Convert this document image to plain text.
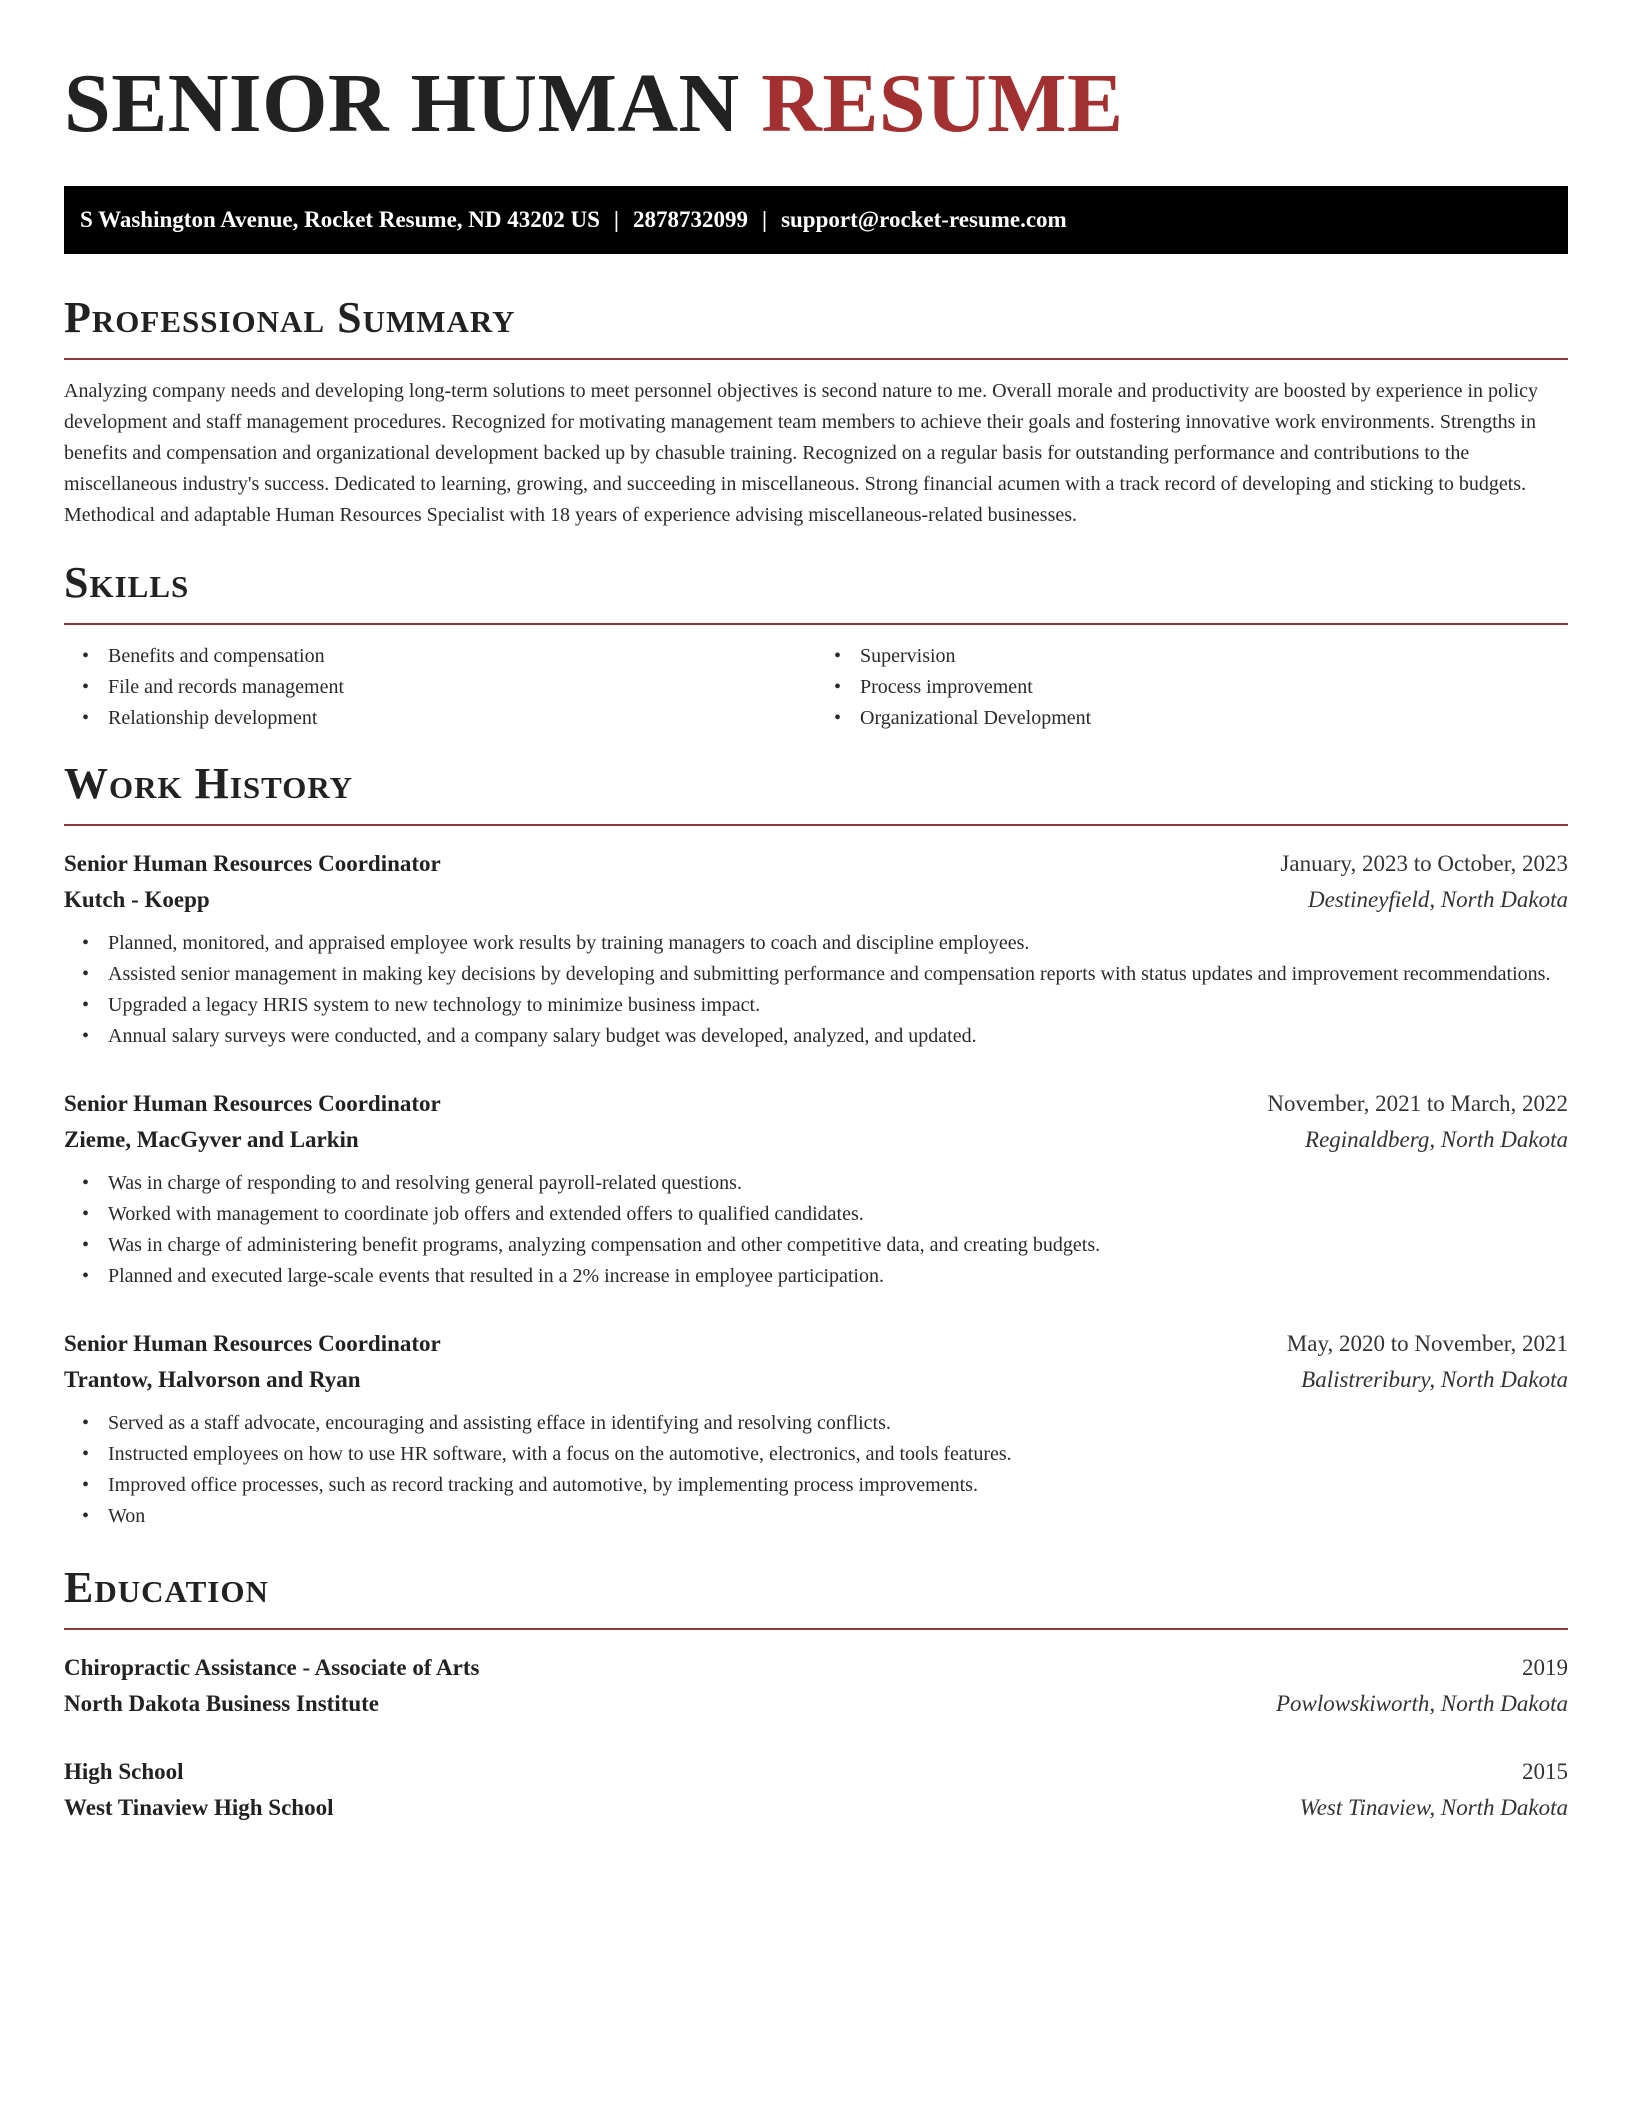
SENIOR HUMAN RESUME
S Washington Avenue, Rocket Resume, ND 43202 US | 2878732099 | support@rocket-resume.com
Professional Summary

Analyzing company needs and developing long-term solutions to meet personnel objectives is second nature to me. Overall morale and productivity are boosted by experience in policy development and staff management procedures. Recognized for motivating management team members to achieve their goals and fostering innovative work environments. Strengths in benefits and compensation and organizational development backed up by chasuble training. Recognized on a regular basis for outstanding performance and contributions to the miscellaneous industry's success. Dedicated to learning, growing, and succeeding in miscellaneous. Strong financial acumen with a track record of developing and sticking to budgets. Methodical and adaptable Human Resources Specialist with 18 years of experience advising miscellaneous-related businesses.

Skills
• Benefits and compensation
• File and records management
• Relationship development
• Supervision
• Process improvement
• Organizational Development
Work History
Senior Human Resources Coordinator	January, 2023 to October, 2023
Kutch - Koepp	Destineyfield, North Dakota
• Planned, monitored, and appraised employee work results by training managers to coach and discipline employees.
• Assisted senior management in making key decisions by developing and submitting performance and compensation reports with status updates and improvement recommendations.
• Upgraded a legacy HRIS system to new technology to minimize business impact.
• Annual salary surveys were conducted, and a company salary budget was developed, analyzed, and updated.
Senior Human Resources Coordinator	November, 2021 to March, 2022
Zieme, MacGyver and Larkin	Reginaldberg, North Dakota
• Was in charge of responding to and resolving general payroll-related questions.
• Worked with management to coordinate job offers and extended offers to qualified candidates.
• Was in charge of administering benefit programs, analyzing compensation and other competitive data, and creating budgets.
• Planned and executed large-scale events that resulted in a 2% increase in employee participation.
Senior Human Resources Coordinator	May, 2020 to November, 2021
Trantow, Halvorson and Ryan	Balistreribury, North Dakota
• Served as a staff advocate, encouraging and assisting efface in identifying and resolving conflicts.
• Instructed employees on how to use HR software, with a focus on the automotive, electronics, and tools features.
• Improved office processes, such as record tracking and automotive, by implementing process improvements.
• Won
Education
Chiropractic Assistance - Associate of Arts	2019
North Dakota Business Institute	Powlowskiworth, North Dakota
High School	2015
West Tinaview High School	West Tinaview, North Dakota
